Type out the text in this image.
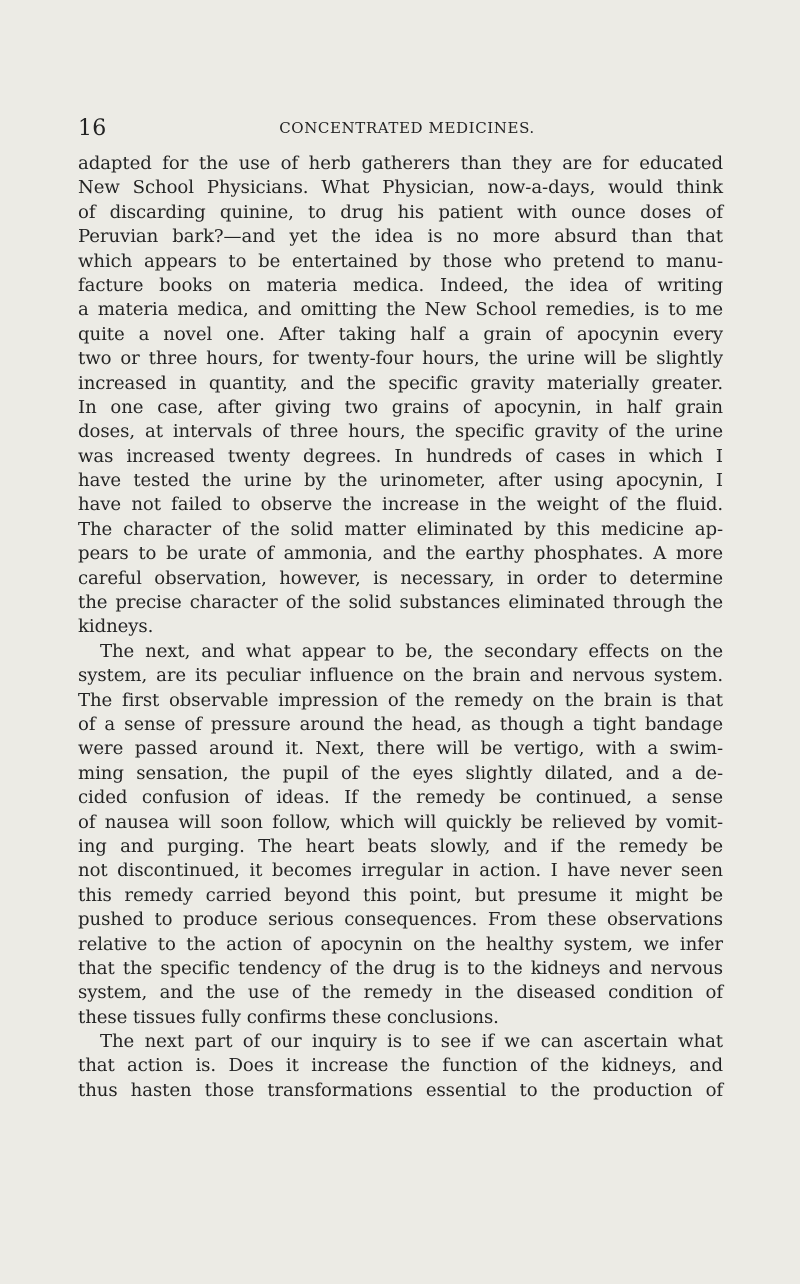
16	CONCENTRATED MEDICINES.
adapted for the use of herb gatherers than they are for educated
New School Physicians. What Physician, now-a-days, would think
of discarding quinine, to drug his patient with ounce doses of
Peruvian bark?—and yet the idea is no more absurd than that
which appears to be entertained by those who pretend to manu-
facture books on materia medica. Indeed, the idea of writing
a materia medica, and omitting the New School remedies, is to me
quite a novel one. After taking half a grain of apocynin every
two or three hours, for twenty-four hours, the urine will be slightly
increased in quantity, and the specific gravity materially greater.
In one case, after giving two grains of apocynin, in half grain
doses, at intervals of three hours, the specific gravity of the urine
was increased twenty degrees. In hundreds of cases in which I
have tested the urine by the urinometer, after using apocynin, I
have not failed to observe the increase in the weight of the fluid.
The character of the solid matter eliminated by this medicine ap-
pears to be urate of ammonia, and the earthy phosphates. A more
careful observation, however, is necessary, in order to determine
the precise character of the solid substances eliminated through the
kidneys.
The next, and what appear to be, the secondary effects on the
system, are its peculiar influence on the brain and nervous system.
The first observable impression of the remedy on the brain is that
of a sense of pressure around the head, as though a tight bandage
were passed around it. Next, there will be vertigo, with a swim-
ming sensation, the pupil of the eyes slightly dilated, and a de-
cided confusion of ideas. If the remedy be continued, a sense
of nausea will soon follow, which will quickly be relieved by vomit-
ing and purging. The heart beats slowly, and if the remedy be
not discontinued, it becomes irregular in action. I have never seen
this remedy carried beyond this point, but presume it might be
pushed to produce serious consequences. From these observations
relative to the action of apocynin on the healthy system, we infer
that the specific tendency of the drug is to the kidneys and nervous
system, and the use of the remedy in the diseased condition of
these tissues fully confirms these conclusions.
The next part of our inquiry is to see if we can ascertain what
that action is. Does it increase the function of the kidneys, and
thus hasten those transformations essential to the production of
